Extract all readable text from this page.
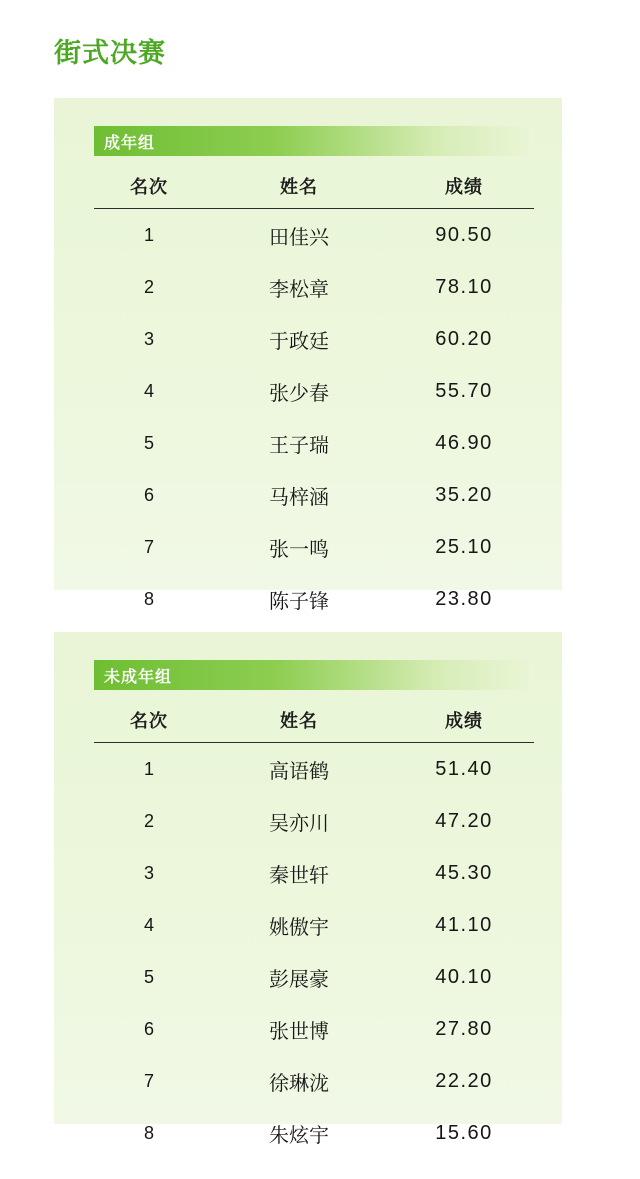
街式决赛
成年组
名次	姓名	成绩
1	田佳兴	90.50
2	李松章	78.10
3	于政廷	60.20
4	张少春	55.70
5	王子瑞	46.90
6	马梓涵	35.20
7	张一鸣	25.10
8	陈子锋	23.80
未成年组
名次	姓名	成绩
1	高语鹤	51.40
2	吴亦川	47.20
3	秦世轩	45.30
4	姚傲宇	41.10
5	彭展豪	40.10
6	张世博	27.80
7	徐琳泷	22.20
8	朱炫宇	15.60
